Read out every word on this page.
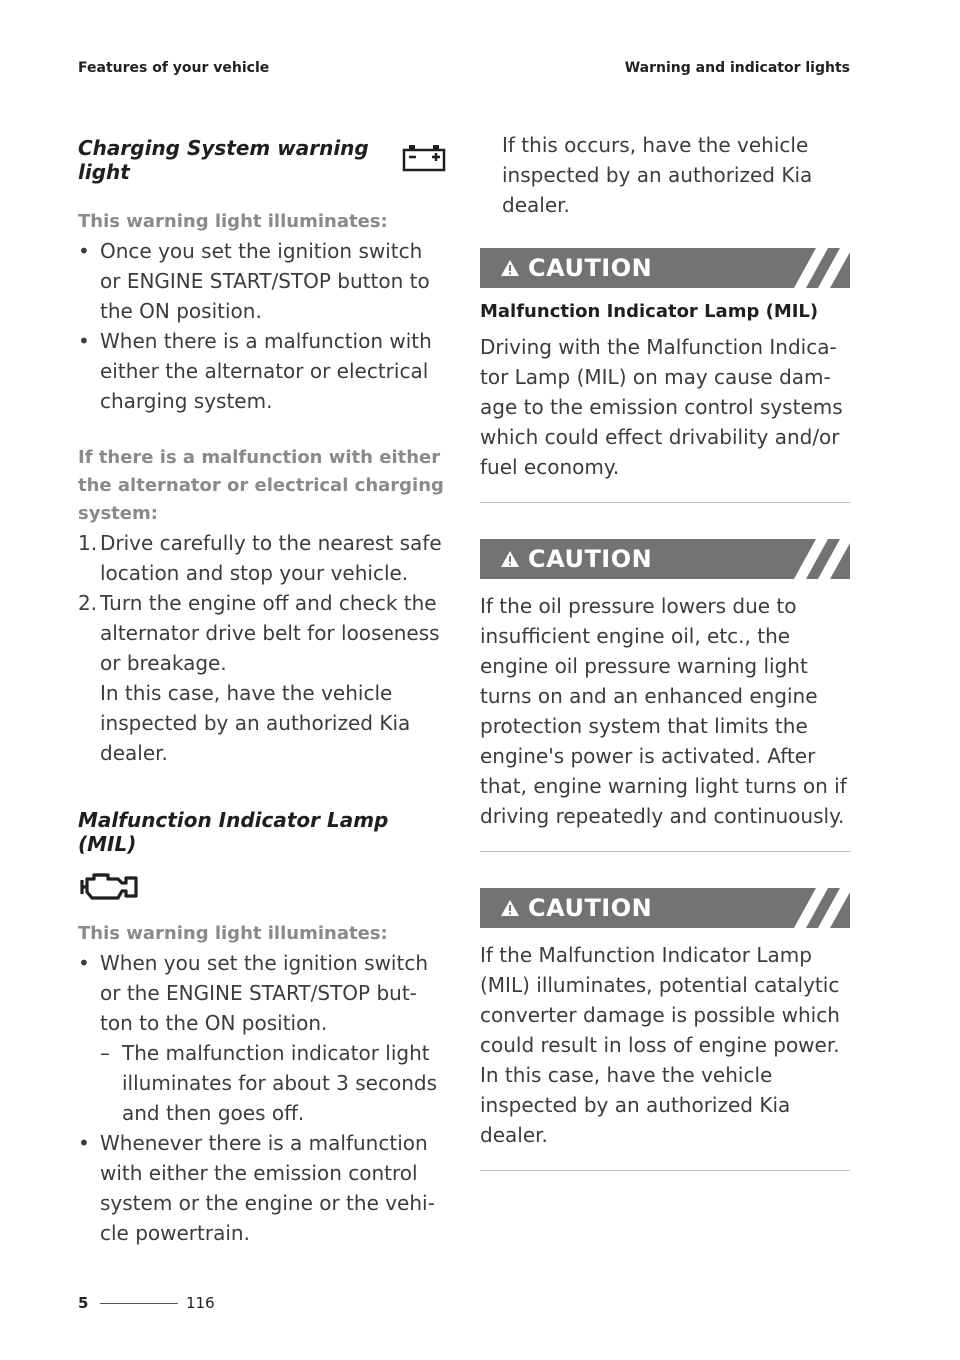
Features of your vehicle	Warning and indicator lights
Charging System warning light
This warning light illuminates:
• Once you set the ignition switch or ENGINE START/STOP button to the ON position.
• When there is a malfunction with either the alternator or electrical charging system.
If there is a malfunction with either the alternator or electrical charging system:
1. Drive carefully to the nearest safe location and stop your vehicle.
2. Turn the engine off and check the alternator drive belt for looseness or breakage.
In this case, have the vehicle inspected by an authorized Kia dealer.
Malfunction Indicator Lamp (MIL)
This warning light illuminates:
• When you set the ignition switch or the ENGINE START/STOP but-ton to the ON position.
– The malfunction indicator light illuminates for about 3 seconds and then goes off.
• Whenever there is a malfunction with either the emission control system or the engine or the vehi-cle powertrain.
If this occurs, have the vehicle inspected by an authorized Kia dealer.
CAUTION
Malfunction Indicator Lamp (MIL)
Driving with the Malfunction Indica-tor Lamp (MIL) on may cause dam-age to the emission control systems which could effect drivability and/or fuel economy.
CAUTION
If the oil pressure lowers due to insufficient engine oil, etc., the engine oil pressure warning light turns on and an enhanced engine protection system that limits the engine's power is activated. After that, engine warning light turns on if driving repeatedly and continuously.
CAUTION
If the Malfunction Indicator Lamp (MIL) illuminates, potential catalytic converter damage is possible which could result in loss of engine power. In this case, have the vehicle inspected by an authorized Kia dealer.
5	116
